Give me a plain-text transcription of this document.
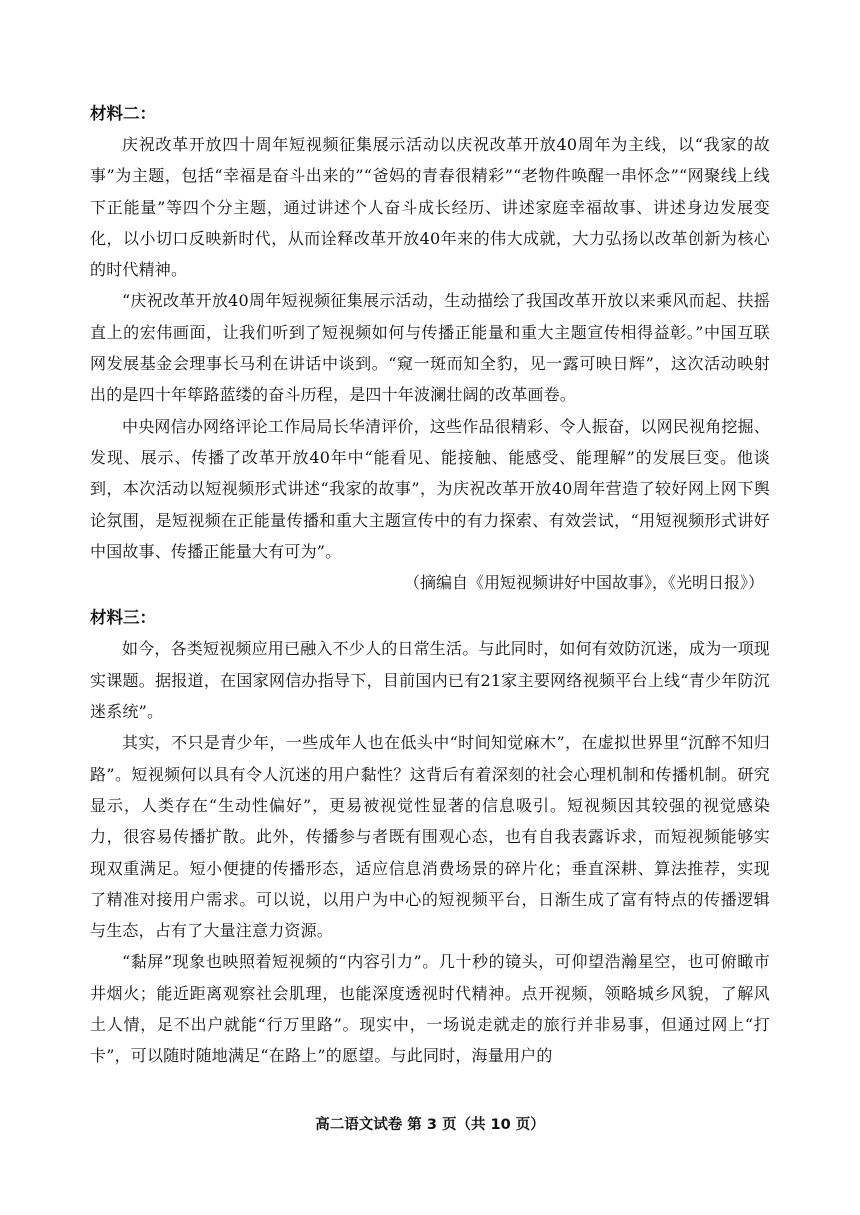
材料二：

庆祝改革开放四十周年短视频征集展示活动以庆祝改革开放40周年为主线，以“我家的故事”为主题，包括“幸福是奋斗出来的”“爸妈的青春很精彩”“老物件唤醒一串怀念”“网聚线上线下正能量”等四个分主题，通过讲述个人奋斗成长经历、讲述家庭幸福故事、讲述身边发展变化，以小切口反映新时代，从而诠释改革开放40年来的伟大成就，大力弘扬以改革创新为核心的时代精神。

“庆祝改革开放40周年短视频征集展示活动，生动描绘了我国改革开放以来乘风而起、扶摇直上的宏伟画面，让我们听到了短视频如何与传播正能量和重大主题宣传相得益彰。”中国互联网发展基金会理事长马利在讲话中谈到。“窥一斑而知全豹，见一露可映日辉”，这次活动映射出的是四十年筚路蓝缕的奋斗历程，是四十年波澜壮阔的改革画卷。

中央网信办网络评论工作局局长华清评价，这些作品很精彩、令人振奋，以网民视角挖掘、发现、展示、传播了改革开放40年中“能看见、能接触、能感受、能理解”的发展巨变。他谈到，本次活动以短视频形式讲述“我家的故事”，为庆祝改革开放40周年营造了较好网上网下舆论氛围，是短视频在正能量传播和重大主题宣传中的有力探索、有效尝试，“用短视频形式讲好中国故事、传播正能量大有可为”。

（摘编自《用短视频讲好中国故事》，《光明日报》）

材料三：

如今，各类短视频应用已融入不少人的日常生活。与此同时，如何有效防沉迷，成为一项现实课题。据报道，在国家网信办指导下，目前国内已有21家主要网络视频平台上线“青少年防沉迷系统”。

其实，不只是青少年，一些成年人也在低头中“时间知觉麻木”，在虚拟世界里“沉醉不知归路”。短视频何以具有令人沉迷的用户黏性？这背后有着深刻的社会心理机制和传播机制。研究显示，人类存在“生动性偏好”，更易被视觉性显著的信息吸引。短视频因其较强的视觉感染力，很容易传播扩散。此外，传播参与者既有围观心态，也有自我表露诉求，而短视频能够实现双重满足。短小便捷的传播形态，适应信息消费场景的碎片化；垂直深耕、算法推荐，实现了精准对接用户需求。可以说，以用户为中心的短视频平台，日渐生成了富有特点的传播逻辑与生态，占有了大量注意力资源。

“黏屏”现象也映照着短视频的“内容引力”。几十秒的镜头，可仰望浩瀚星空，也可俯瞰市井烟火；能近距离观察社会肌理，也能深度透视时代精神。点开视频，领略城乡风貌，了解风土人情，足不出户就能“行万里路”。现实中，一场说走就走的旅行并非易事，但通过网上“打卡”，可以随时随地满足“在路上”的愿望。与此同时，海量用户的

高二语文试卷 第 3 页（共 10 页）
